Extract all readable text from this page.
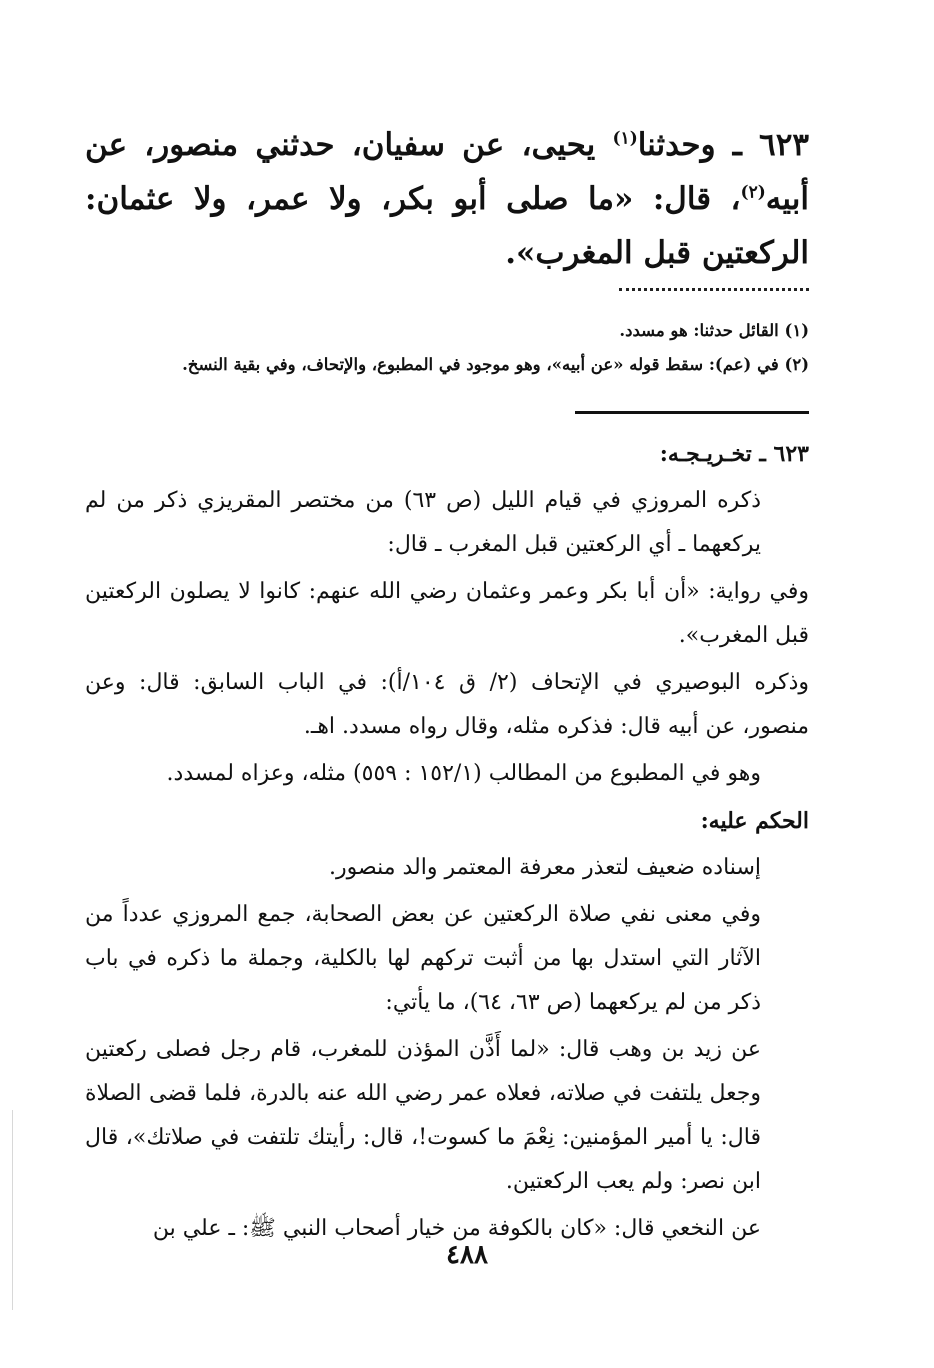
٦٢٣ ـ وحدثنا$^{(١)}$ يحيى، عن سفيان، حدثني منصور، عن أبيه$^{(٢)}$، قال: «ما صلى أبو بكر، ولا عمر، ولا عثمان: الركعتين قبل المغرب».

(١) القائل حدثنا: هو مسدد.

(٢) في (عم): سقط قوله «عن أبيه»، وهو موجود في المطبوع، والإتحاف، وفي بقية النسخ.

٦٢٣ ـ تخـريـجـه:

ذكره المروزي في قيام الليل (ص ٦٣) من مختصر المقريزي ذكر من لم يركعهما ـ أي الركعتين قبل المغرب ـ قال:

وفي رواية: «أن أبا بكر وعمر وعثمان رضي الله عنهم: كانوا لا يصلون الركعتين قبل المغرب».

وذكره البوصيري في الإتحاف (٢/ ق ١٠٤/أ): في الباب السابق: قال: وعن منصور، عن أبيه قال: فذكره مثله، وقال رواه مسدد. اهـ.

وهو في المطبوع من المطالب (١٥٢/١ : ٥٥٩) مثله، وعزاه لمسدد.

الحكم عليه:

إسناده ضعيف لتعذر معرفة المعتمر والد منصور.

وفي معنى نفي صلاة الركعتين عن بعض الصحابة، جمع المروزي عدداً من الآثار التي استدل بها من أثبت تركهم لها بالكلية، وجملة ما ذكره في باب ذكر من لم يركعهما (ص ٦٣، ٦٤)، ما يأتي:

عن زيد بن وهب قال: «لما أَذَّن المؤذن للمغرب، قام رجل فصلى ركعتين وجعل يلتفت في صلاته، فعلاه عمر رضي الله عنه بالدرة، فلما قضى الصلاة قال: يا أمير المؤمنين: نِعْمَ ما كسوت!، قال: رأيتك تلتفت في صلاتك»، قال ابن نصر: ولم يعب الركعتين.

عن النخعي قال: «كان بالكوفة من خيار أصحاب النبي ﷺ: ـ علي بن

٤٨٨
